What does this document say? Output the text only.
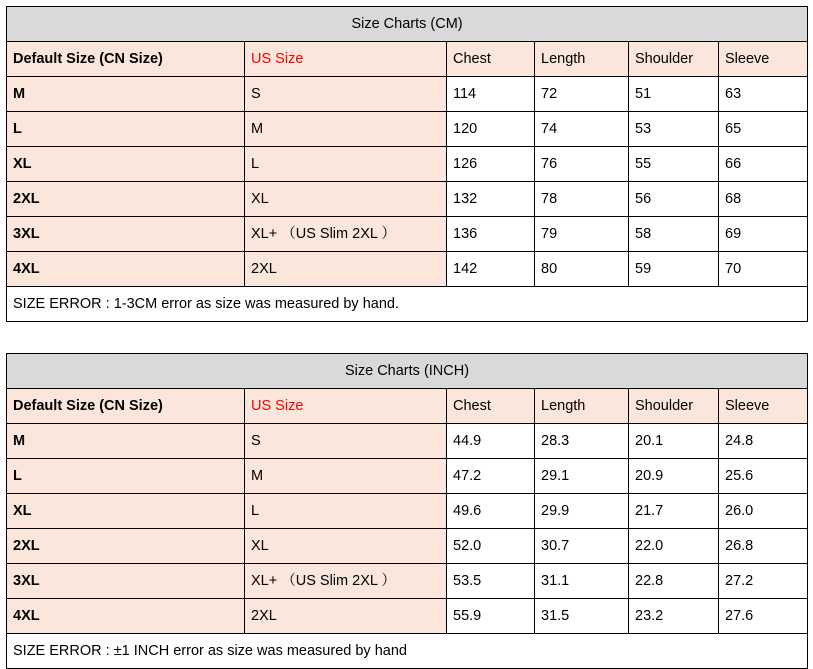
Size Charts (CM)					
Default Size (CN Size)	US Size	Chest	Length	Shoulder	Sleeve
M	S	114	72	51	63
L	M	120	74	53	65
XL	L	126	76	55	66
2XL	XL	132	78	56	68
3XL	XL+ （US Slim 2XL ）	136	79	58	69
4XL	2XL	142	80	59	70
SIZE ERROR : 1-3CM error as size was measured by hand.					
Size Charts (INCH)					
Default Size (CN Size)	US Size	Chest	Length	Shoulder	Sleeve
M	S	44.9	28.3	20.1	24.8
L	M	47.2	29.1	20.9	25.6
XL	L	49.6	29.9	21.7	26.0
2XL	XL	52.0	30.7	22.0	26.8
3XL	XL+ （US Slim 2XL ）	53.5	31.1	22.8	27.2
4XL	2XL	55.9	31.5	23.2	27.6
SIZE ERROR : ±1 INCH error as size was measured by hand					
